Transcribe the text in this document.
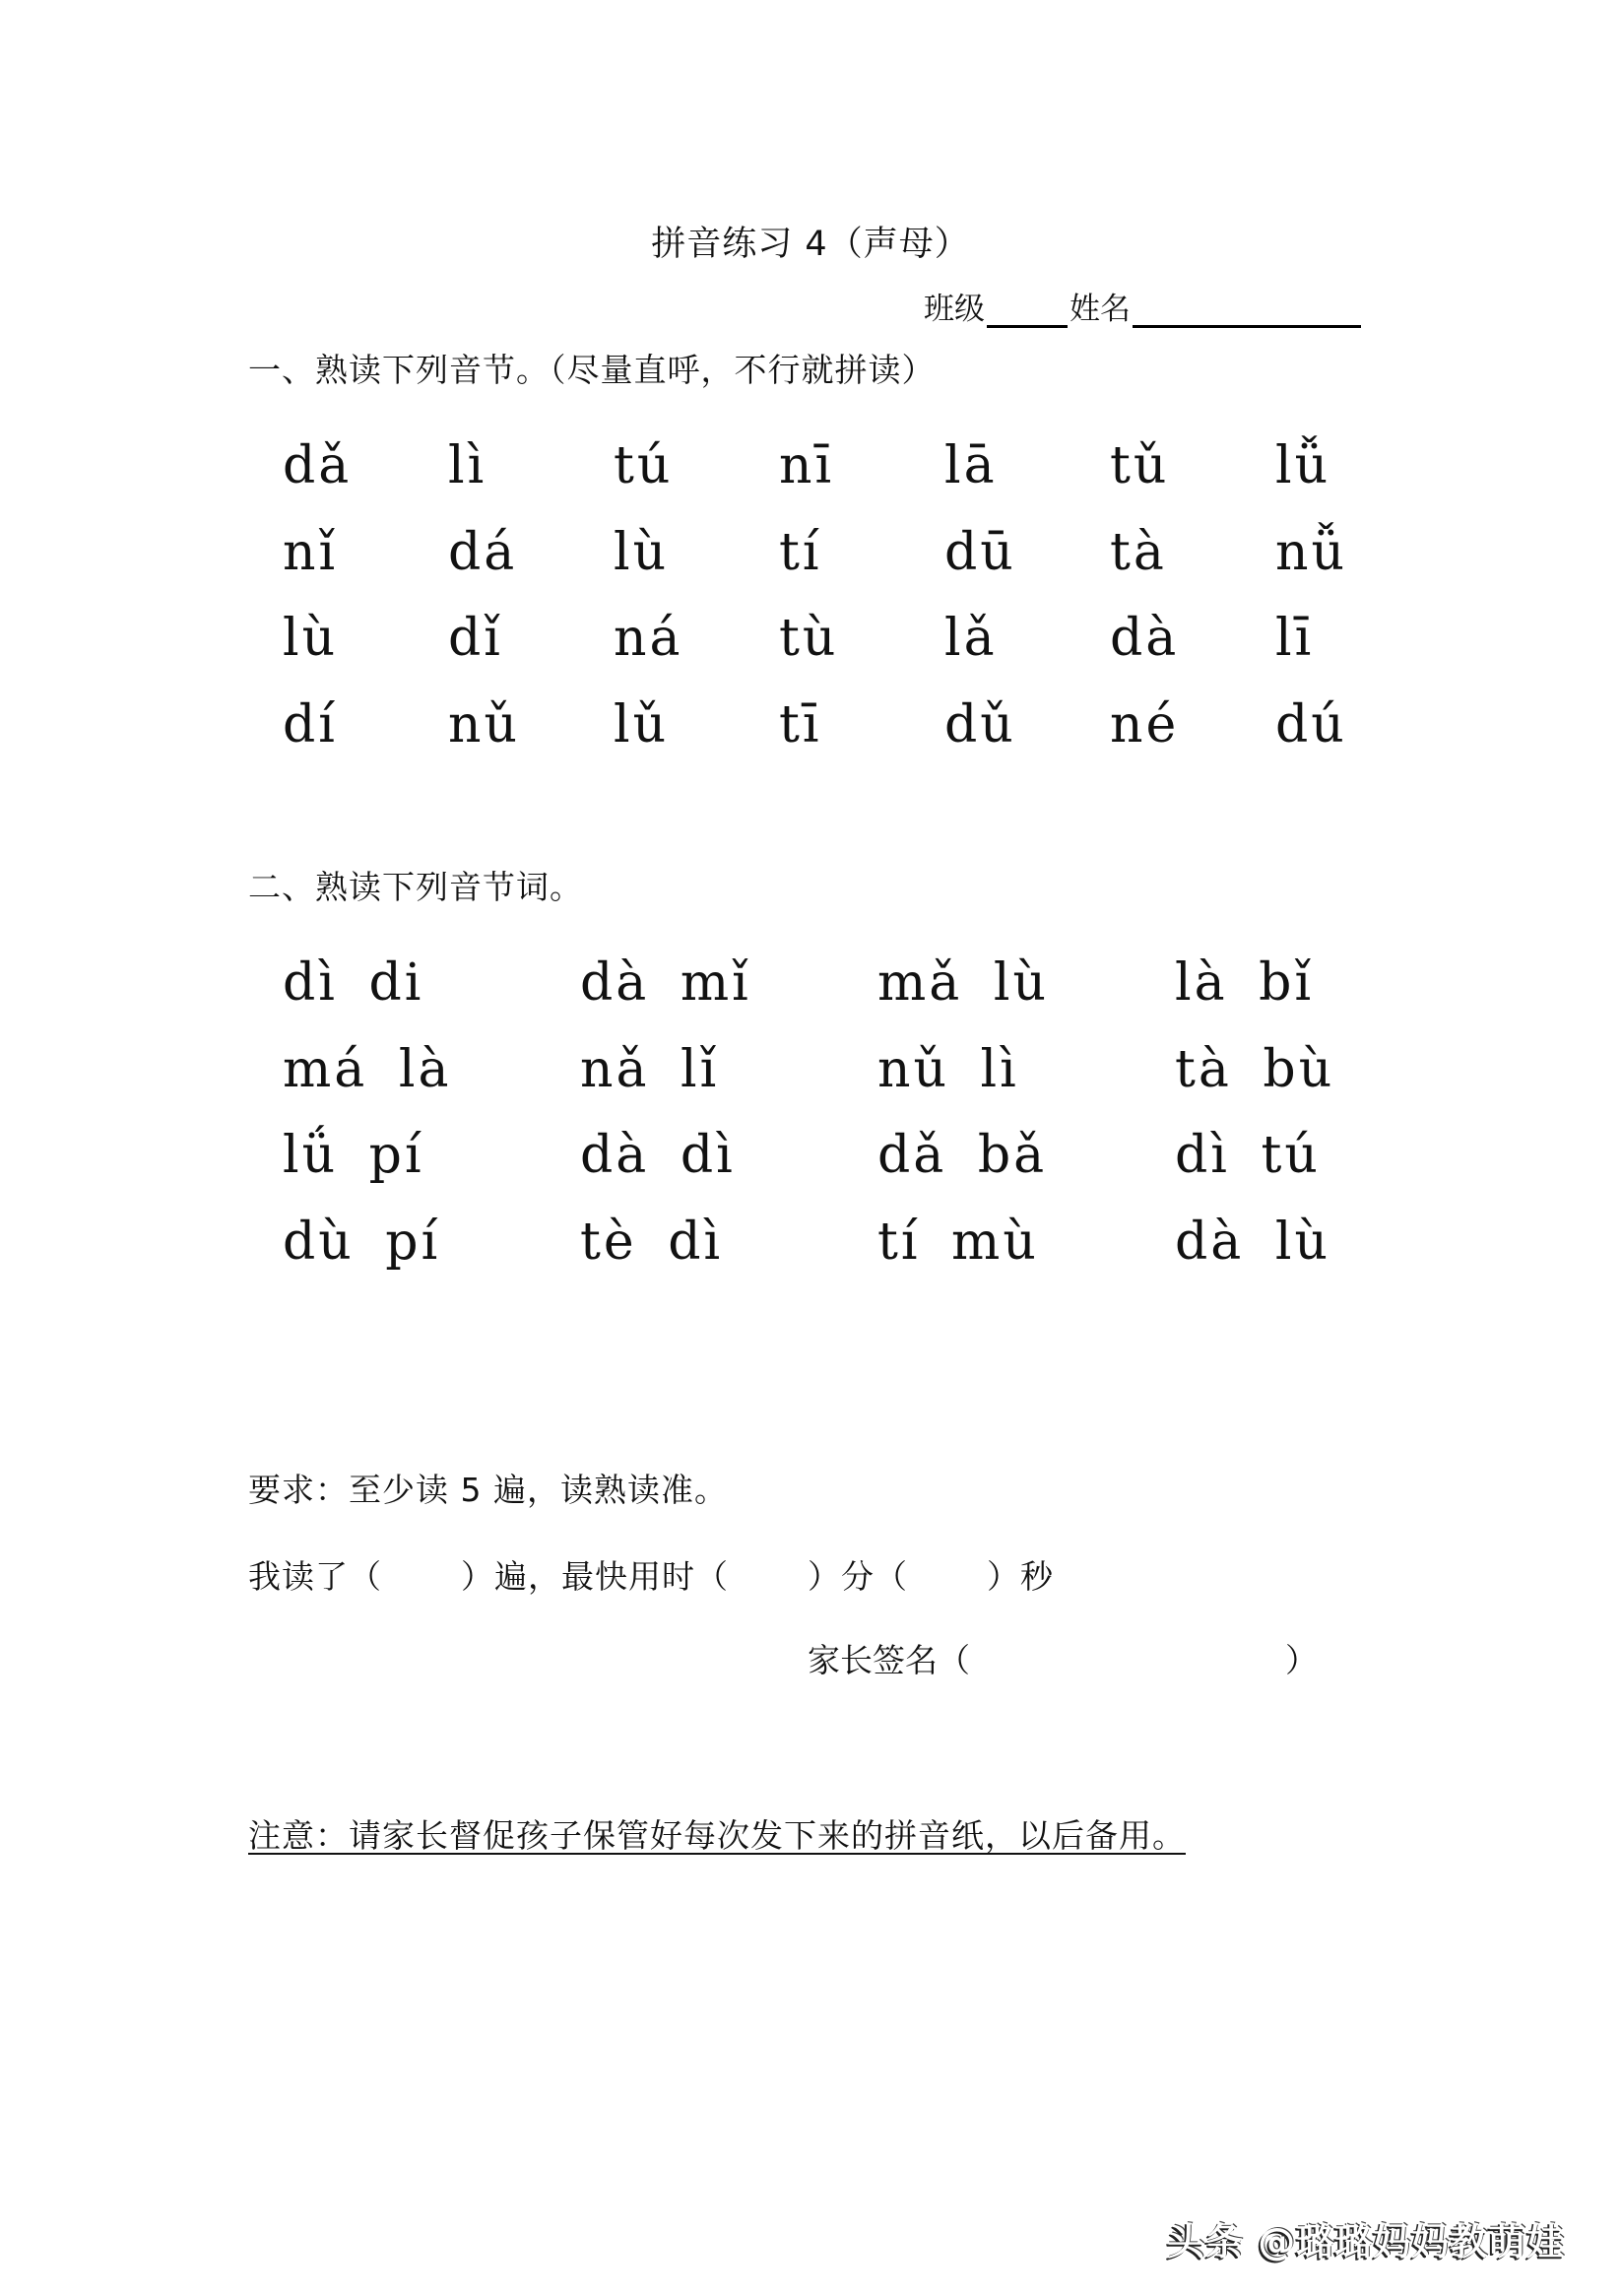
拼音练习 4（声母）
班级	姓名
一、熟读下列音节。（尽量直呼，不行就拼读）
dǎ	lì	tú	nī	lā	tǔ	lǚ
nǐ	dá	lù	tí	dū	tà	nǚ
lù	dǐ	ná	tù	lǎ	dà	lī
dí	nǔ	lǔ	tī	dǔ	né	dú
二、熟读下列音节词。
dì di	dà mǐ	mǎ lù	là bǐ
má là	nǎ lǐ	nǔ lì	tà bù
lǘ pí	dà dì	dǎ bǎ	dì tú
dù pí	tè dì	tí mù	dà lù
要求：至少读 5 遍，读熟读准。
我读了（ ）遍，最快用时（ ）分（ ）秒
家长签名（	）
注意：请家长督促孩子保管好每次发下来的拼音纸，以后备用。
头条 @璐璐妈妈教萌娃
